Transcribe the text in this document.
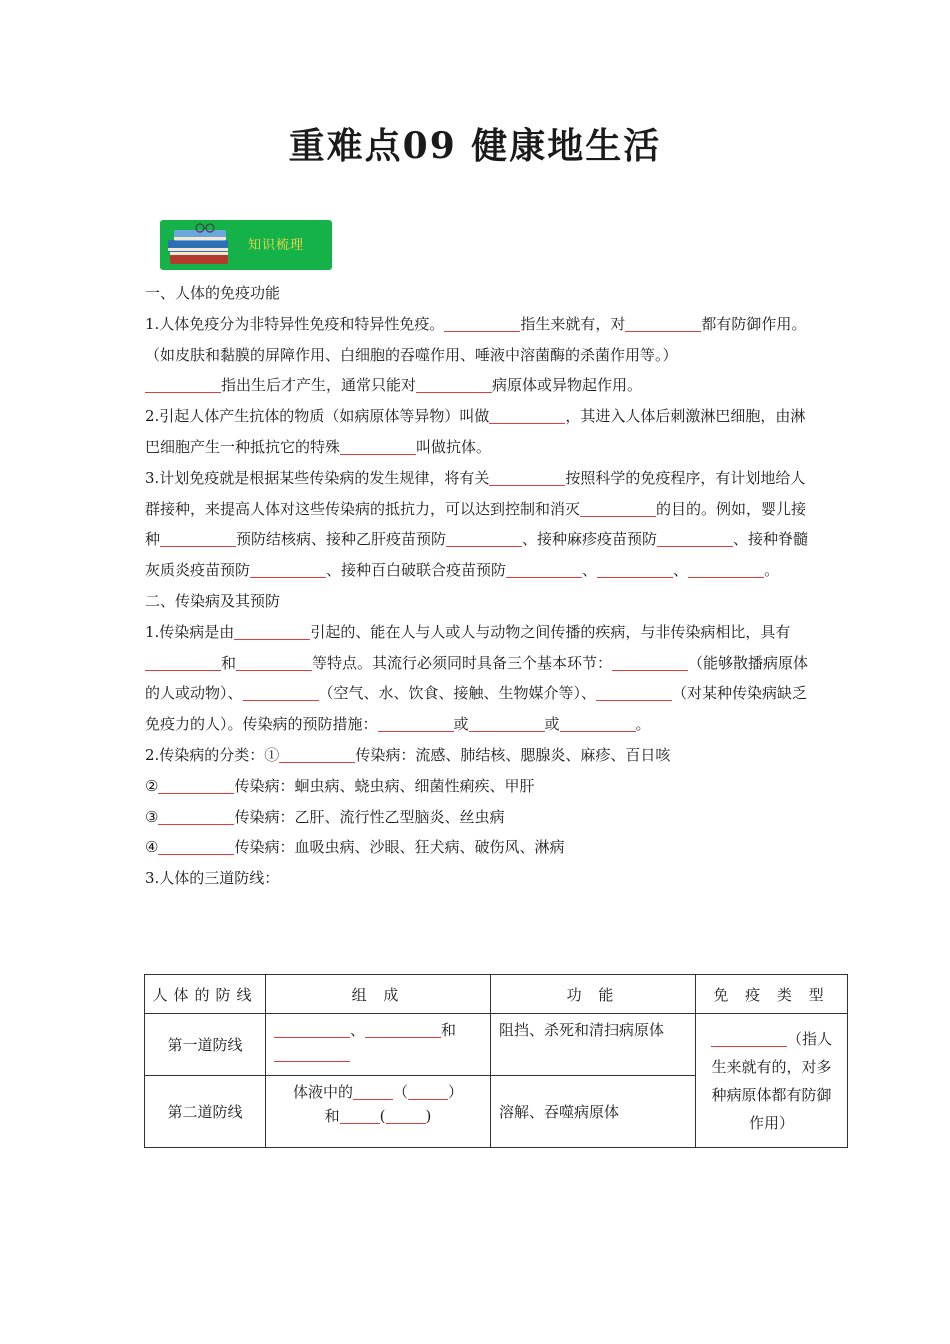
重难点09 健康地生活
知识梳理

一、人体的免疫功能

1.人体免疫分为非特异性免疫和特异性免疫。	指生来就有，对	都有防御作用。（如皮肤和黏膜的屏障作用、白细胞的吞噬作用、唾液中溶菌酶的杀菌作用等。）

指出生后才产生，通常只能对	病原体或异物起作用。

2.引起人体产生抗体的物质（如病原体等异物）叫做	，其进入人体后刺激淋巴细胞，由淋巴细胞产生一种抵抗它的特殊	叫做抗体。

3.计划免疫就是根据某些传染病的发生规律，将有关	按照科学的免疫程序，有计划地给人群接种，来提高人体对这些传染病的抵抗力，可以达到控制和消灭	的目的。例如，婴儿接种	预防结核病、接种乙肝疫苗预防	、接种麻疹疫苗预防	、接种脊髓灰质炎疫苗预防	、接种百白破联合疫苗预防	、	、	。

二、传染病及其预防

1.传染病是由	引起的、能在人与人或人与动物之间传播的疾病，与非传染病相比，具有和	等特点。其流行必须同时具备三个基本环节：	（能够散播病原体的人或动物）、	（空气、水、饮食、接触、生物媒介等）、	（对某种传染病缺乏免疫力的人）。传染病的预防措施：	或	或	。

2.传染病的分类：①	传染病：流感、肺结核、腮腺炎、麻疹、百日咳

②	传染病：蛔虫病、蛲虫病、细菌性痢疾、甲肝

③	传染病：乙肝、流行性乙型脑炎、丝虫病

④	传染病：血吸虫病、沙眼、狂犬病、破伤风、淋病

3.人体的三道防线：

人体的防线	组 成	功 能	免 疫 类 型
第一道防线	、 和	阻挡、杀死和清扫病原体	（指人生来就有的，对多种病原体都有防御作用）
第二道防线	体液中的 （ ）
和 ( )	溶解、吞噬病原体	
